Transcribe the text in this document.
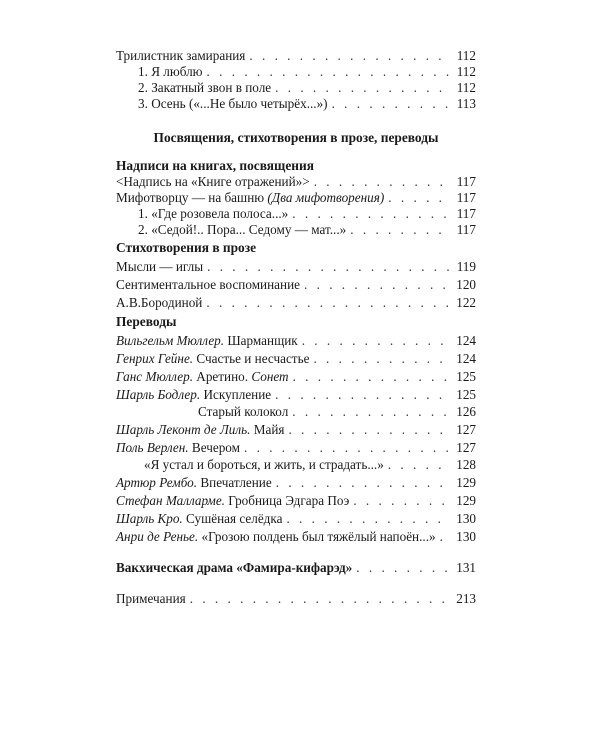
Трилистник замирания . . .	112
1. Я люблю . . .	112
2. Закатный звон в поле . . .	112
3. Осень («...Не было четырёх...») . . .	113
Посвящения, стихотворения в прозе, переводы
Надписи на книгах, посвящения
<Надпись на «Книге отражений»> . . .	117
Мифотворцу — на башню (Два мифотворения) . . .	117
1. «Где розовела полоса...» . . .	117
2. «Седой!.. Пора... Седому — мат...» . . .	117
Стихотворения в прозе
Мысли — иглы . . .	119
Сентиментальное воспоминание . . .	120
А.В.Бородиной . . .	122
Переводы
Вильгельм Мюллер. Шарманщик . . .	124
Генрих Гейне. Счастье и несчастье . . .	124
Ганс Мюллер. Аретино. Сонет . . .	125
Шарль Бодлер. Искупление . . .	125
Старый колокол . . .	126
Шарль Леконт де Лиль. Майя . . .	127
Поль Верлен. Вечером . . .	127
«Я устал и бороться, и жить, и страдать...» . . .	128
Артюр Рембо. Впечатление . . .	129
Стефан Малларме. Гробница Эдгара Поэ . . .	129
Шарль Кро. Сушёная селёдка . . .	130
Анри де Ренье. «Грозою полдень был тяжёлый напоён...» . . . 130
Вакхическая драма «Фамира-кифарэд» . . .	131
Примечания . . .	213
